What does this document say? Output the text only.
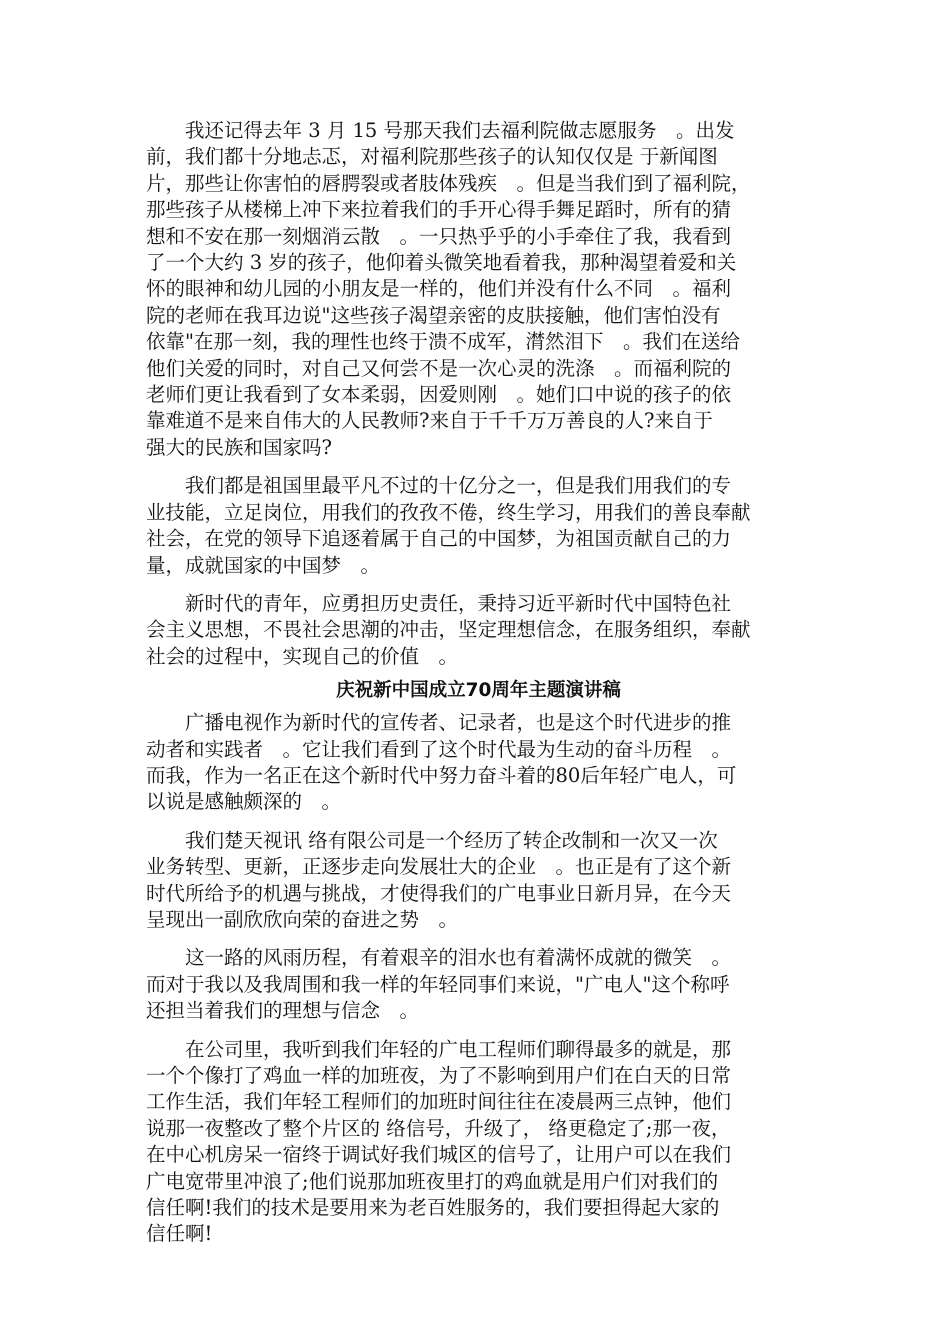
我还记得去年 3 月 15 号那天我们去福利院做志愿服务　。出发
前，我们都十分地忐忑，对福利院那些孩子的认知仅仅是 于新闻图
片，那些让你害怕的唇腭裂或者肢体残疾　。但是当我们到了福利院，
那些孩子从楼梯上冲下来拉着我们的手开心得手舞足蹈时，所有的猜
想和不安在那一刻烟消云散　。一只热乎乎的小手牵住了我，我看到
了一个大约 3 岁的孩子，他仰着头微笑地看着我，那种渴望着爱和关
怀的眼神和幼儿园的小朋友是一样的，他们并没有什么不同　。福利
院的老师在我耳边说"这些孩子渴望亲密的皮肤接触，他们害怕没有
依靠"在那一刻，我的理性也终于溃不成军，潸然泪下　。我们在送给
他们关爱的同时，对自己又何尝不是一次心灵的洗涤　。而福利院的
老师们更让我看到了女本柔弱，因爱则刚　。她们口中说的孩子的依
靠难道不是来自伟大的人民教师?来自于千千万万善良的人?来自于
强大的民族和国家吗?
我们都是祖国里最平凡不过的十亿分之一，但是我们用我们的专
业技能，立足岗位，用我们的孜孜不倦，终生学习，用我们的善良奉献
社会，在党的领导下追逐着属于自己的中国梦，为祖国贡献自己的力
量，成就国家的中国梦　。
新时代的青年，应勇担历史责任，秉持习近平新时代中国特色社
会主义思想，不畏社会思潮的冲击，坚定理想信念，在服务组织，奉献
社会的过程中，实现自己的价值　。
庆祝新中国成立70周年主题演讲稿
广播电视作为新时代的宣传者、记录者，也是这个时代进步的推
动者和实践者　。它让我们看到了这个时代最为生动的奋斗历程　。
而我，作为一名正在这个新时代中努力奋斗着的80后年轻广电人，可
以说是感触颇深的　。
我们楚天视讯 络有限公司是一个经历了转企改制和一次又一次
业务转型、更新，正逐步走向发展壮大的企业　。也正是有了这个新
时代所给予的机遇与挑战，才使得我们的广电事业日新月异，在今天
呈现出一副欣欣向荣的奋进之势　。
这一路的风雨历程，有着艰辛的泪水也有着满怀成就的微笑　。
而对于我以及我周围和我一样的年轻同事们来说，"广电人"这个称呼
还担当着我们的理想与信念　。
在公司里，我听到我们年轻的广电工程师们聊得最多的就是，那
一个个像打了鸡血一样的加班夜，为了不影响到用户们在白天的日常
工作生活，我们年轻工程师们的加班时间往往在凌晨两三点钟，他们
说那一夜整改了整个片区的 络信号，升级了， 络更稳定了;那一夜，
在中心机房呆一宿终于调试好我们城区的信号了，让用户可以在我们
广电宽带里冲浪了;他们说那加班夜里打的鸡血就是用户们对我们的
信任啊!我们的技术是要用来为老百姓服务的，我们要担得起大家的
信任啊!
